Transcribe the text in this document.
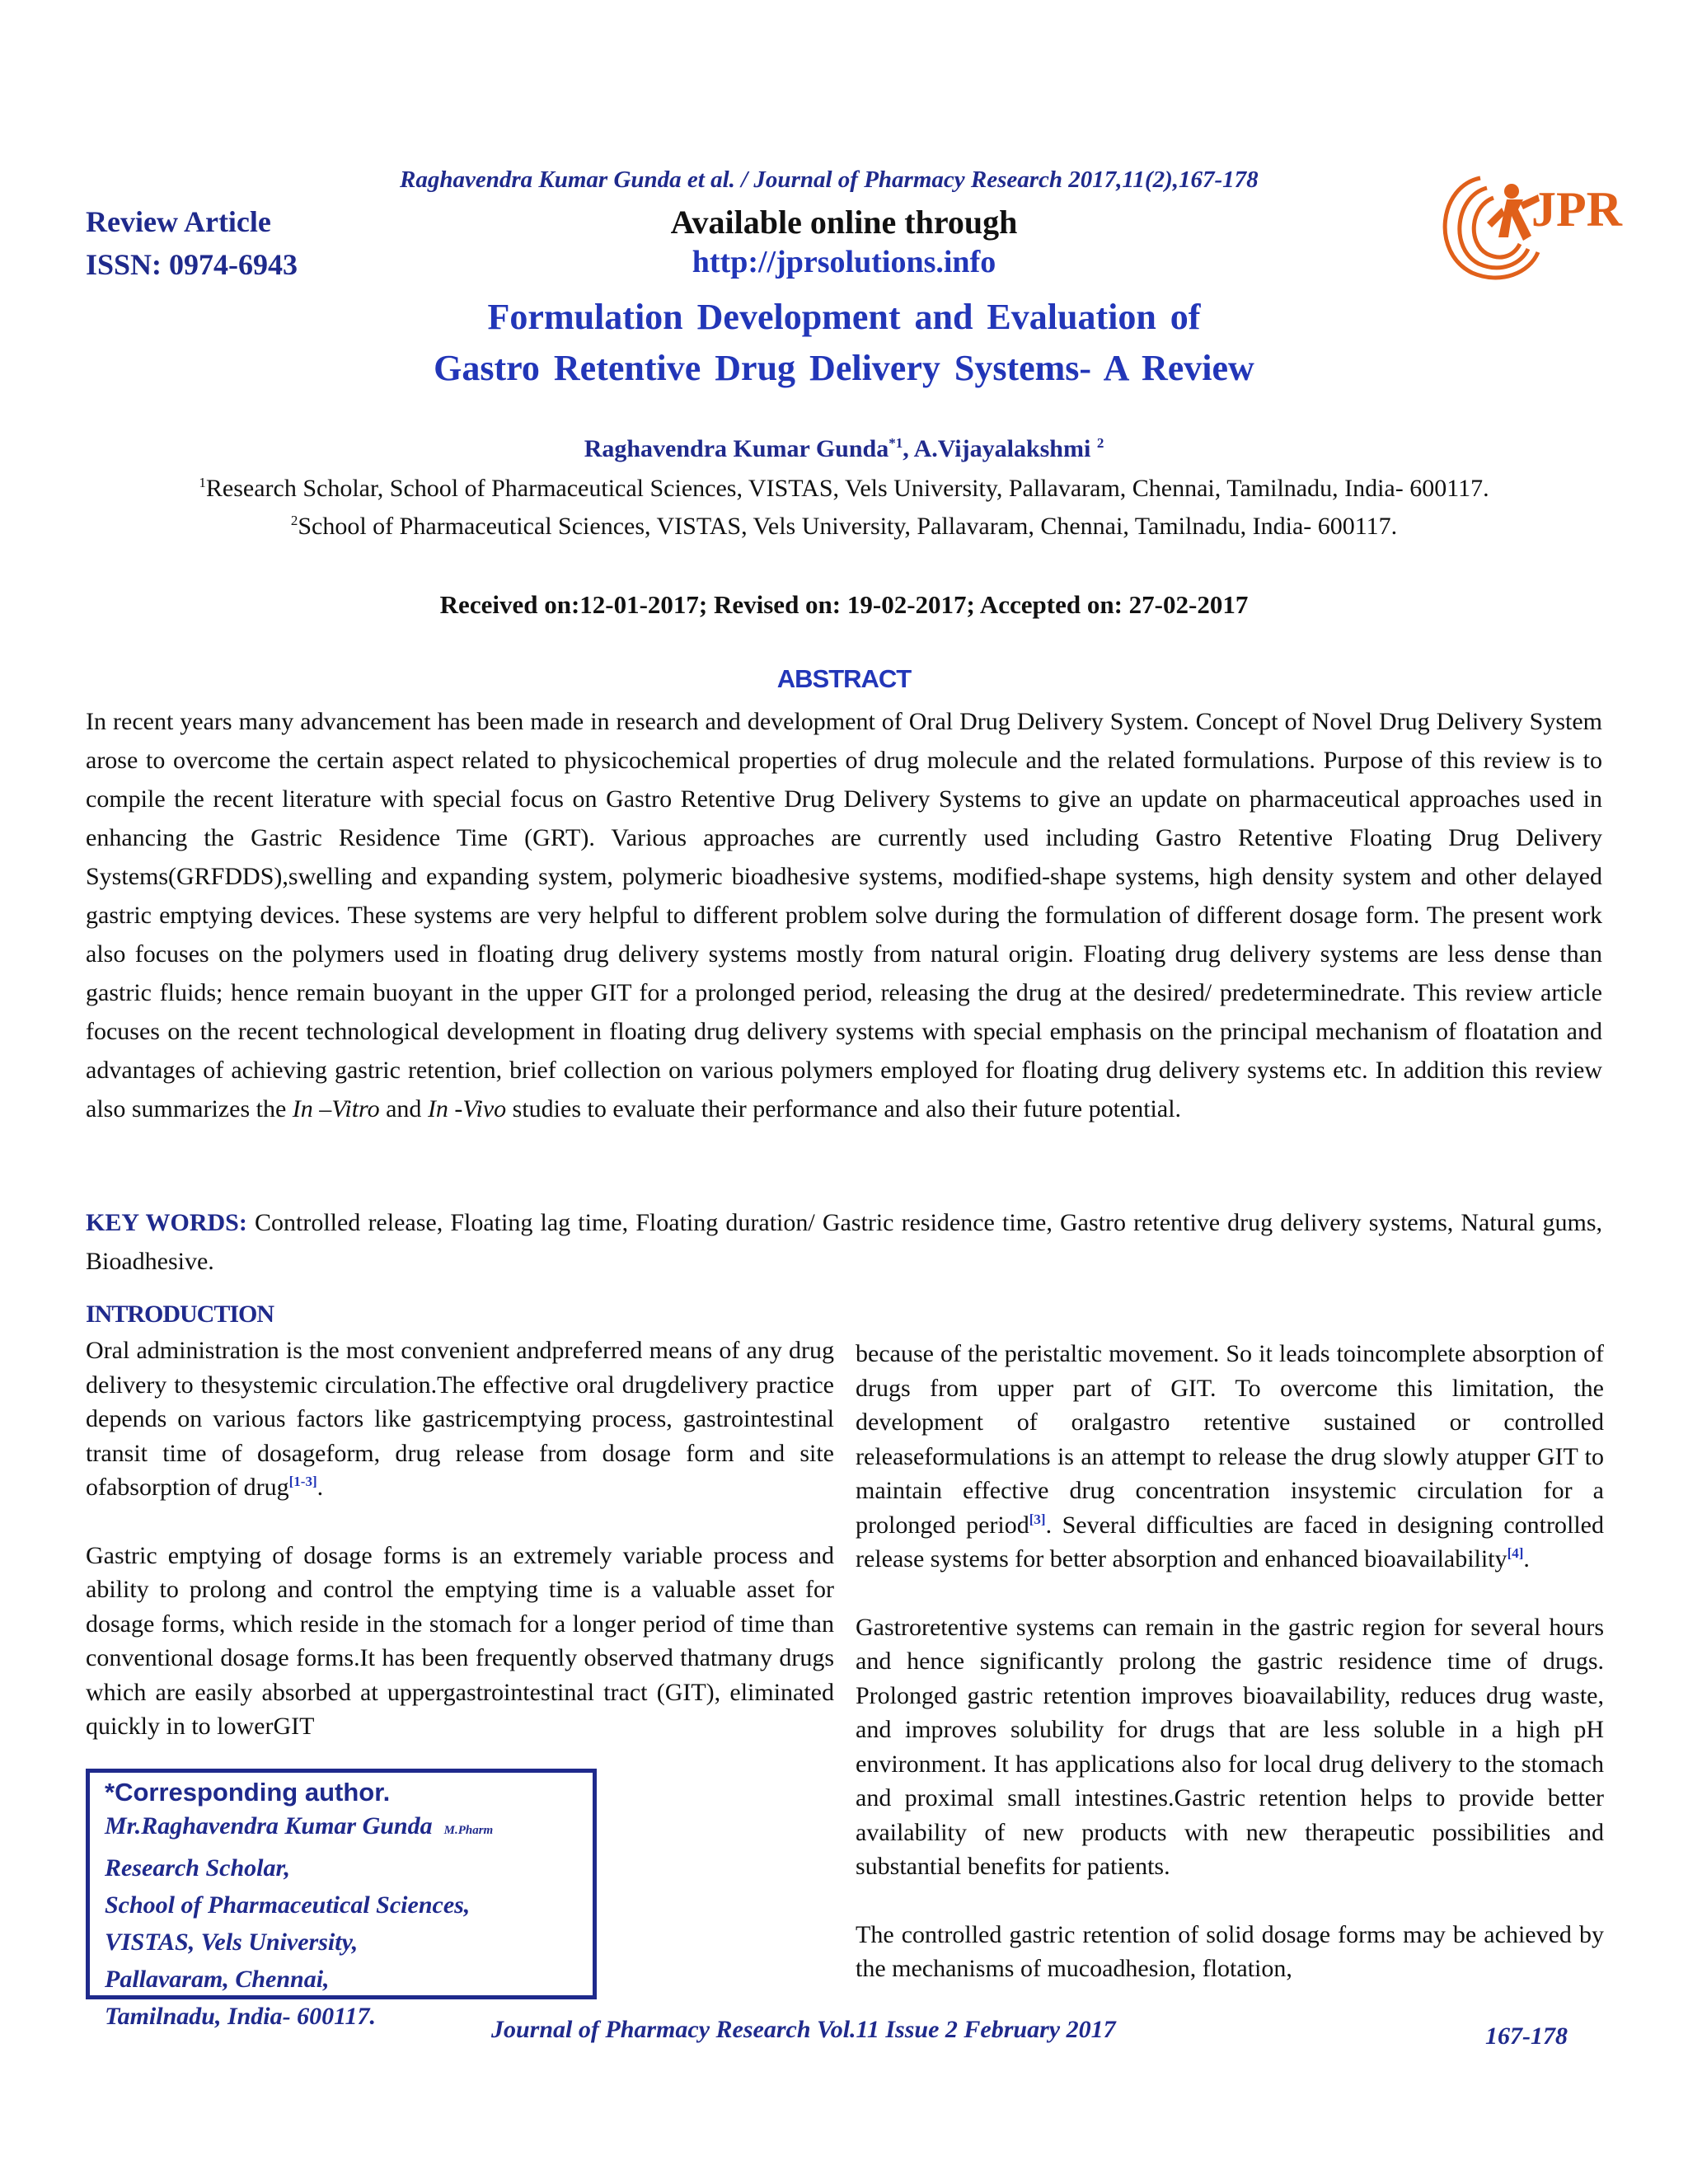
Raghavendra Kumar Gunda et al. / Journal of Pharmacy Research 2017,11(2),167-178
Review Article
ISSN: 0974-6943
Available online through
http://jprsolutions.info
JPR
Formulation Development and Evaluation of
Gastro Retentive Drug Delivery Systems- A Review
Raghavendra Kumar Gunda$^{*1}$, A.Vijayalakshmi $^2$
$^1$Research Scholar, School of Pharmaceutical Sciences, VISTAS, Vels University, Pallavaram, Chennai, Tamilnadu, India- 600117.
$^2$School of Pharmaceutical Sciences, VISTAS, Vels University, Pallavaram, Chennai, Tamilnadu, India- 600117.
Received on:12-01-2017; Revised on: 19-02-2017; Accepted on: 27-02-2017
ABSTRACT
In recent years many advancement has been made in research and development of Oral Drug Delivery System. Concept of Novel Drug Delivery System arose to overcome the certain aspect related to physicochemical properties of drug molecule and the related formulations. Purpose of this review is to compile the recent literature with special focus on Gastro Retentive Drug Delivery Systems to give an update on pharmaceutical approaches used in enhancing the Gastric Residence Time (GRT). Various approaches are currently used including Gastro Retentive Floating Drug Delivery Systems(GRFDDS),swelling and expanding system, polymeric bioadhesive systems, modified-shape systems, high density system and other delayed gastric emptying devices. These systems are very helpful to different problem solve during the formulation of different dosage form. The present work also focuses on the polymers used in floating drug delivery systems mostly from natural origin. Floating drug delivery systems are less dense than gastric fluids; hence remain buoyant in the upper GIT for a prolonged period, releasing the drug at the desired/ predeterminedrate. This review article focuses on the recent technological development in floating drug delivery systems with special emphasis on the principal mechanism of floatation and advantages of achieving gastric retention, brief collection on various polymers employed for floating drug delivery systems etc. In addition this review also summarizes the In –Vitro and In -Vivo studies to evaluate their performance and also their future potential.
KEY WORDS: Controlled release, Floating lag time, Floating duration/ Gastric residence time, Gastro retentive drug delivery systems, Natural gums, Bioadhesive.
INTRODUCTION

Oral administration is the most convenient andpreferred means of any drug delivery to thesystemic circulation.The effective oral drugdelivery practice depends on various factors like gastricemptying process, gastrointestinal transit time of dosageform, drug release from dosage form and site ofabsorption of drug[1-3].

Gastric emptying of dosage forms is an extremely variable process and ability to prolong and control the emptying time is a valuable asset for dosage forms, which reside in the stomach for a longer period of time than conventional dosage forms.It has been frequently observed thatmany drugs which are easily absorbed at uppergastrointestinal tract (GIT), eliminated quickly in to lowerGIT

because of the peristaltic movement. So it leads toincomplete absorption of drugs from upper part of GIT. To overcome this limitation, the development of oralgastro retentive sustained or controlled releaseformulations is an attempt to release the drug slowly atupper GIT to maintain effective drug concentration insystemic circulation for a prolonged period[3]. Several difficulties are faced in designing controlled release systems for better absorption and enhanced bioavailability[4].

Gastroretentive systems can remain in the gastric region for several hours and hence significantly prolong the gastric residence time of drugs. Prolonged gastric retention improves bioavailability, reduces drug waste, and improves solubility for drugs that are less soluble in a high pH environment. It has applications also for local drug delivery to the stomach and proximal small intestines.Gastric retention helps to provide better availability of new products with new therapeutic possibilities and substantial benefits for patients.

The controlled gastric retention of solid dosage forms may be achieved by the mechanisms of mucoadhesion, flotation,

*Corresponding author.
Mr.Raghavendra Kumar Gunda M.Pharm
Research Scholar,
School of Pharmaceutical Sciences,
VISTAS, Vels University,
Pallavaram, Chennai,
Tamilnadu, India- 600117.	Journal of Pharmacy Research Vol.11 Issue 2 February 2017	167-178
